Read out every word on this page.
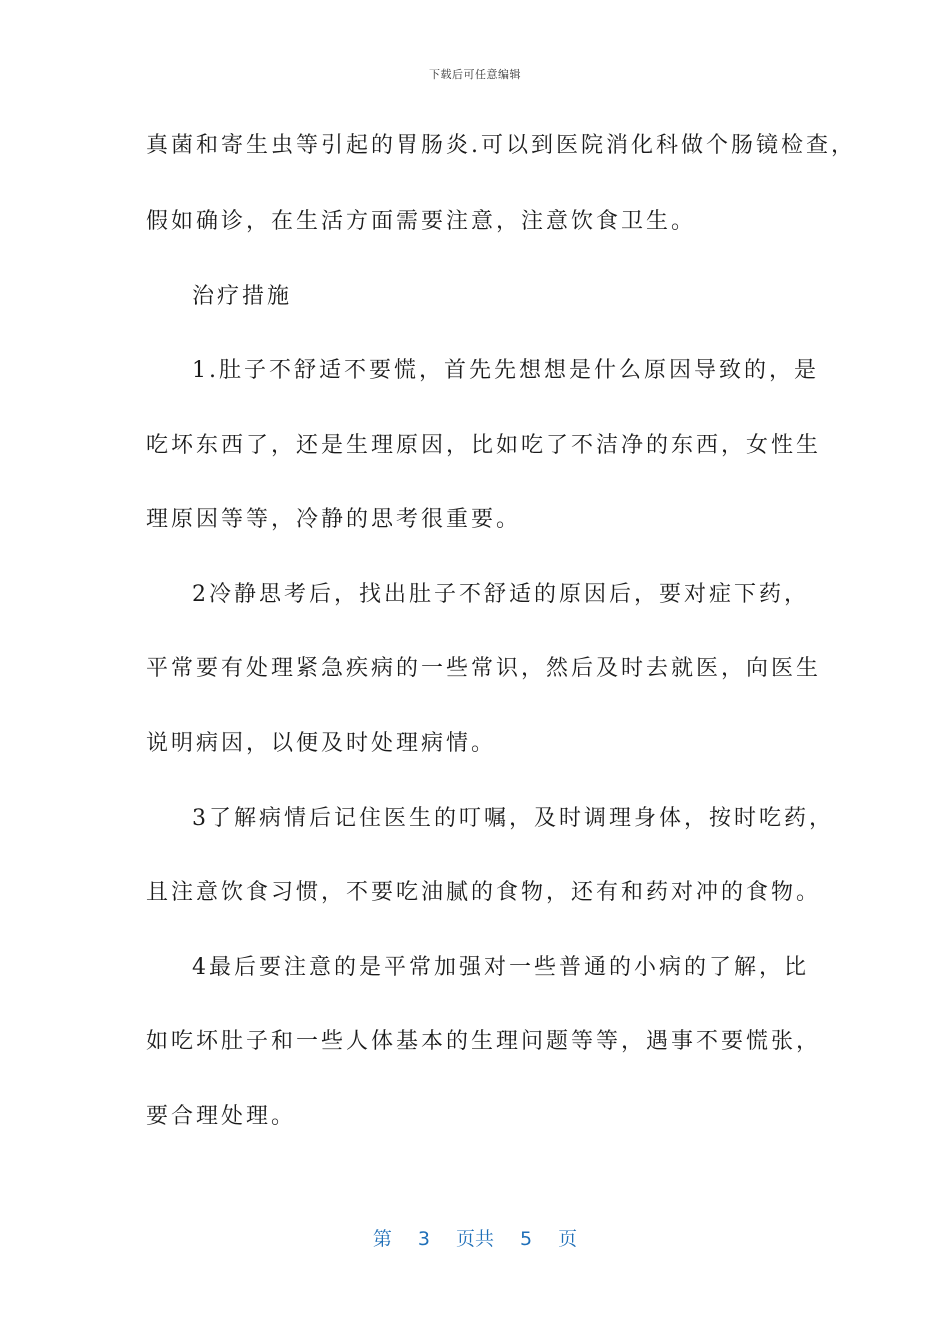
下载后可任意编辑
真菌和寄生虫等引起的胃肠炎.可以到医院消化科做个肠镜检查，
假如确诊，在生活方面需要注意，注意饮食卫生。
治疗措施
1.肚子不舒适不要慌，首先先想想是什么原因导致的，是
吃坏东西了，还是生理原因，比如吃了不洁净的东西，女性生
理原因等等，冷静的思考很重要。
2冷静思考后，找出肚子不舒适的原因后，要对症下药，
平常要有处理紧急疾病的一些常识，然后及时去就医，向医生
说明病因，以便及时处理病情。
3了解病情后记住医生的叮嘱，及时调理身体，按时吃药，
且注意饮食习惯，不要吃油腻的食物，还有和药对冲的食物。
4最后要注意的是平常加强对一些普通的小病的了解，比
如吃坏肚子和一些人体基本的生理问题等等，遇事不要慌张，
要合理处理。
第 3 页共 5 页
